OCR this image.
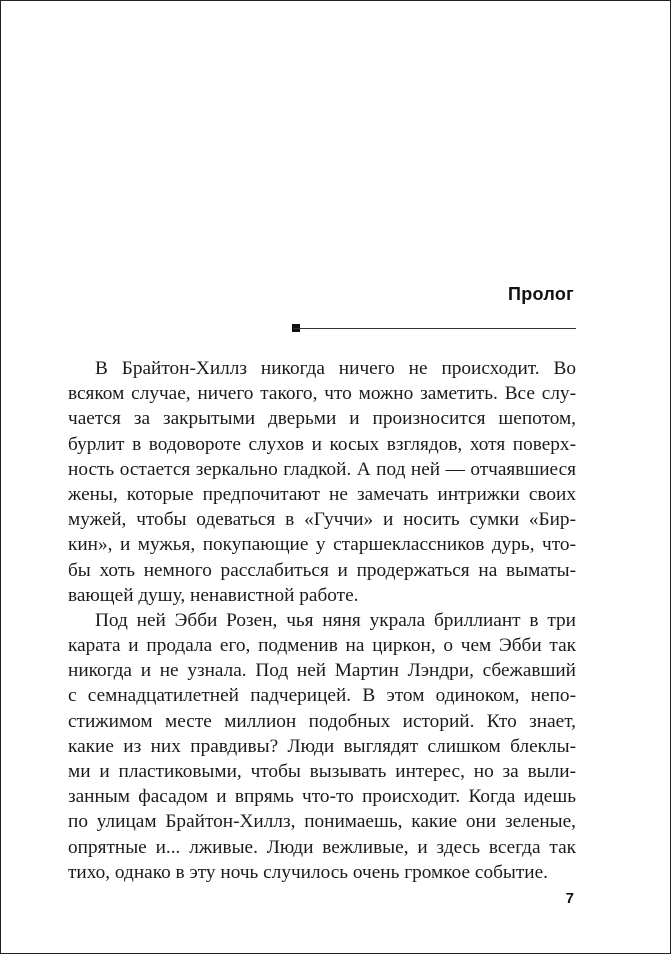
Пролог
В Брайтон-Хиллз никогда ничего не происходит. Во
всяком случае, ничего такого, что можно заметить. Все слу-
чается за закрытыми дверьми и произносится шепотом,
бурлит в водовороте слухов и косых взглядов, хотя поверх-
ность остается зеркально гладкой. А под ней — отчаявшиеся
жены, которые предпочитают не замечать интрижки своих
мужей, чтобы одеваться в «Гуччи» и носить сумки «Бир-
кин», и мужья, покупающие у старшеклассников дурь, что-
бы хоть немного расслабиться и продержаться на выматы-
вающей душу, ненавистной работе.
Под ней Эбби Розен, чья няня украла бриллиант в три
карата и продала его, подменив на циркон, о чем Эбби так
никогда и не узнала. Под ней Мартин Лэндри, сбежавший
с семнадцатилетней падчерицей. В этом одиноком, непо-
стижимом месте миллион подобных историй. Кто знает,
какие из них правдивы? Люди выглядят слишком блеклы-
ми и пластиковыми, чтобы вызывать интерес, но за выли-
занным фасадом и впрямь что-то происходит. Когда идешь
по улицам Брайтон-Хиллз, понимаешь, какие они зеленые,
опрятные и... лживые. Люди вежливые, и здесь всегда так
тихо, однако в эту ночь случилось очень громкое событие.
7
